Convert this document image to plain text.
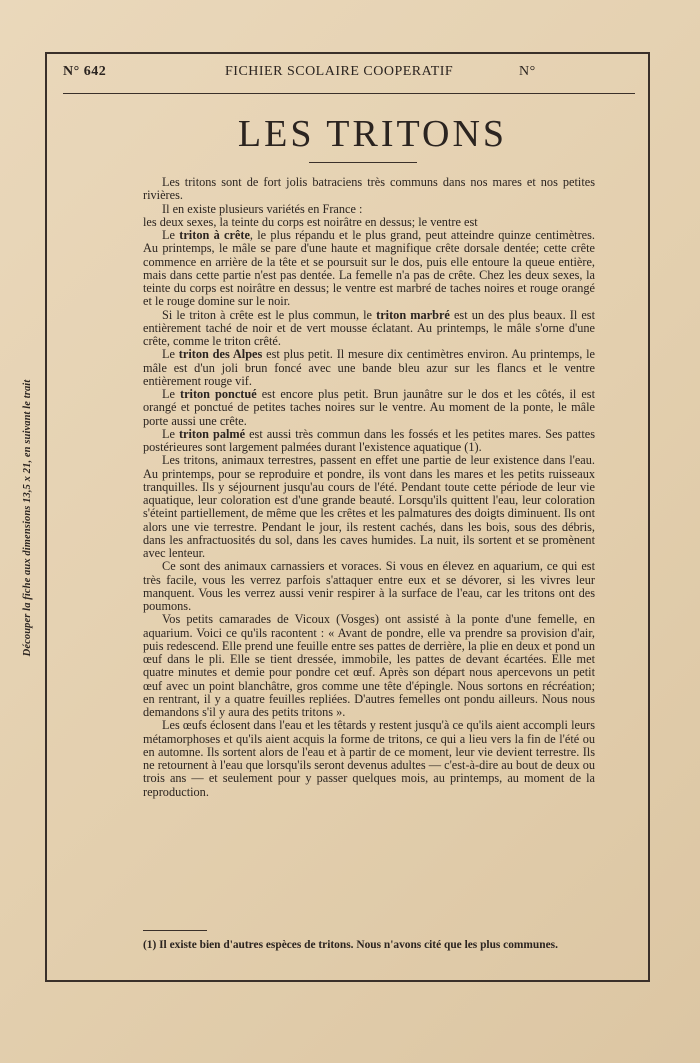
Découper la fiche aux dimensions 13,5 x 21, en suivant le trait
N° 642	FICHIER SCOLAIRE COOPERATIF	N°
LES TRITONS

Les tritons sont de fort jolis batraciens très communs dans nos mares et nos petites rivières.

Il en existe plusieurs variétés en France :

les deux sexes, la teinte du corps est noirâtre en dessus; le ventre est

Le triton à crête, le plus répandu et le plus grand, peut atteindre quinze centimètres. Au printemps, le mâle se pare d'une haute et magnifique crête dorsale dentée; cette crête commence en arrière de la tête et se poursuit sur le dos, puis elle entoure la queue entière, mais dans cette partie n'est pas dentée. La femelle n'a pas de crête. Chez les deux sexes, la teinte du corps est noirâtre en dessus; le ventre est marbré de taches noires et rouge orangé et le rouge domine sur le noir.

Si le triton à crête est le plus commun, le triton marbré est un des plus beaux. Il est entièrement taché de noir et de vert mousse éclatant. Au printemps, le mâle s'orne d'une crête, comme le triton crêté.

Le triton des Alpes est plus petit. Il mesure dix centimètres environ. Au printemps, le mâle est d'un joli brun foncé avec une bande bleu azur sur les flancs et le ventre entièrement rouge vif.

Le triton ponctué est encore plus petit. Brun jaunâtre sur le dos et les côtés, il est orangé et ponctué de petites taches noires sur le ventre. Au moment de la ponte, le mâle porte aussi une crête.

Le triton palmé est aussi très commun dans les fossés et les petites mares. Ses pattes postérieures sont largement palmées durant l'existence aquatique (1).

Les tritons, animaux terrestres, passent en effet une partie de leur existence dans l'eau. Au printemps, pour se reproduire et pondre, ils vont dans les mares et les petits ruisseaux tranquilles. Ils y séjournent jusqu'au cours de l'été. Pendant toute cette période de leur vie aquatique, leur coloration est d'une grande beauté. Lorsqu'ils quittent l'eau, leur coloration s'éteint partiellement, de même que les crêtes et les palmatures des doigts diminuent. Ils ont alors une vie terrestre. Pendant le jour, ils restent cachés, dans les bois, sous des débris, dans les anfractuosités du sol, dans les caves humides. La nuit, ils sortent et se promènent avec lenteur.

Ce sont des animaux carnassiers et voraces. Si vous en élevez en aquarium, ce qui est très facile, vous les verrez parfois s'attaquer entre eux et se dévorer, si les vivres leur manquent. Vous les verrez aussi venir respirer à la surface de l'eau, car les tritons ont des poumons.

Vos petits camarades de Vicoux (Vosges) ont assisté à la ponte d'une femelle, en aquarium. Voici ce qu'ils racontent : « Avant de pondre, elle va prendre sa provision d'air, puis redescend. Elle prend une feuille entre ses pattes de derrière, la plie en deux et pond un œuf dans le pli. Elle se tient dressée, immobile, les pattes de devant écartées. Elle met quatre minutes et demie pour pondre cet œuf. Après son départ nous apercevons un petit œuf avec un point blanchâtre, gros comme une tête d'épingle. Nous sortons en récréation; en rentrant, il y a quatre feuilles repliées. D'autres femelles ont pondu ailleurs. Nous nous demandons s'il y aura des petits tritons ».

Les œufs éclosent dans l'eau et les têtards y restent jusqu'à ce qu'ils aient accompli leurs métamorphoses et qu'ils aient acquis la forme de tritons, ce qui a lieu vers la fin de l'été ou en automne. Ils sortent alors de l'eau et à partir de ce moment, leur vie devient terrestre. Ils ne retournent à l'eau que lorsqu'ils seront devenus adultes — c'est-à-dire au bout de deux ou trois ans — et seulement pour y passer quelques mois, au printemps, au moment de la reproduction.

(1) Il existe bien d'autres espèces de tritons. Nous n'avons cité que les plus communes.
